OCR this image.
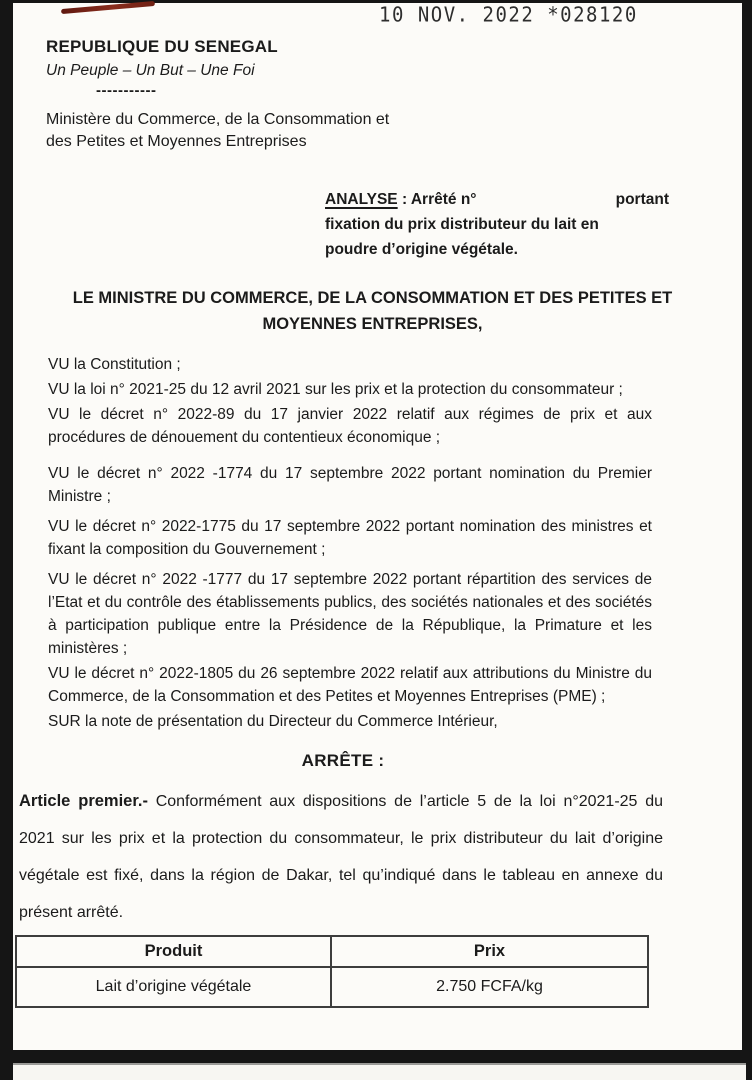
10 NOV. 2022 *028120
REPUBLIQUE DU SENEGAL
Un Peuple – Un But – Une Foi
-----------
Ministère du Commerce, de la Consommation et des Petites et Moyennes Entreprises
ANALYSE : Arrêté n°	portant
fixation du prix distributeur du lait en
poudre d’origine végétale.
LE MINISTRE DU COMMERCE, DE LA CONSOMMATION ET DES PETITES ET MOYENNES ENTREPRISES,

VU la Constitution ;

VU la loi n° 2021-25 du 12 avril 2021 sur les prix et la protection du consommateur ;

VU le décret n° 2022-89 du 17 janvier 2022 relatif aux régimes de prix et aux procédures de dénouement du contentieux économique ;

VU le décret n° 2022 -1774 du 17 septembre 2022 portant nomination du Premier Ministre ;

VU le décret n° 2022-1775 du 17 septembre 2022 portant nomination des ministres et fixant la composition du Gouvernement ;

VU le décret n° 2022 -1777 du 17 septembre 2022 portant répartition des services de l’Etat et du contrôle des établissements publics, des sociétés nationales et des sociétés à participation publique entre la Présidence de la République, la Primature et les ministères ;

VU le décret n° 2022-1805 du 26 septembre 2022 relatif aux attributions du Ministre du Commerce, de la Consommation et des Petites et Moyennes Entreprises (PME) ;

SUR la note de présentation du Directeur du Commerce Intérieur,

ARRÊTE :
Article premier.- Conformément aux dispositions de l’article 5 de la loi n°2021-25 du 2021 sur les prix et la protection du consommateur, le prix distributeur du lait d’origine végétale est fixé, dans la région de Dakar, tel qu’indiqué dans le tableau en annexe du présent arrêté.
Produit	Prix
Lait d’origine végétale	2.750 FCFA/kg
